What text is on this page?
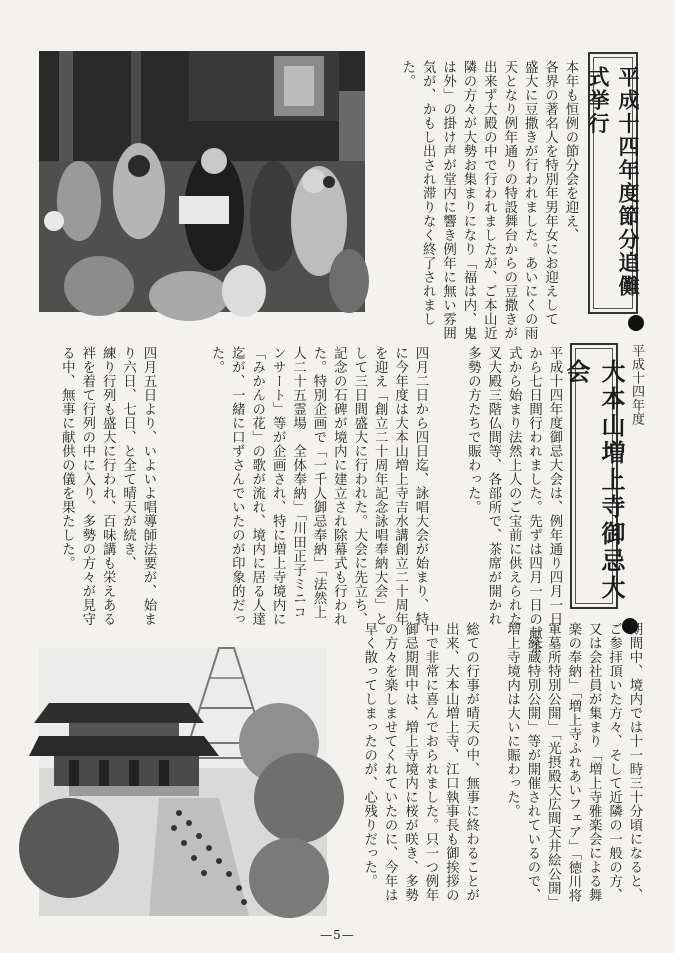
平成十四年度節分追儺式挙行
本年も恒例の節分会を迎え、
各界の著名人を特別年男年女にお迎えして
盛大に豆撒きが行われました。あいにくの雨
天となり例年通りの特設舞台からの豆撒きが
出来ず大殿の中で行われましたが、ご本山近
隣の方々が大勢お集まりになり「福は内、鬼
は外」の掛け声が堂内に響き例年に無い雰囲
気が、かもし出され滞りなく終了されまし
た。
平成十四年度
大本山増上寺御忌大会
平成十四年度御忌大会は、例年通り四月一日
から七日間行われました。先ずは四月一日の献茶
式から始まり法然上人のご宝前に供えられた
叉大殿三階仏間等、各部所で、茶席が開かれ
多勢の方たちで賑わった。
四月二日から四日迄、詠唱大会が始まり、特
に今年度は大本山増上寺吉水講創立二十周年
を迎え「創立二十周年記念詠唱奉納大会」と
して三日間盛大に行われた。大会に先立ち、
記念の石碑が境内に建立され除幕式も行われ
た。特別企画で「一千人御忌奉納」「法然上
人二十五霊場　全体奉納」「川田正子ミニコ
ンサート」等が企画され、特に増上寺境内に
「みかんの花」の歌が流れ、境内に居る人達
迄が、一緒に口ずさんでいたのが印象的だっ
た。
四月五日より、いよいよ唱導師法要が、始ま
り六日、七日、と全て晴天が続き、
練り行列も盛大に行われ、百味講も栄えある
袢を着て行列の中に入り、多勢の方々が見守
る中、無事に献供の儀を果たした。
期間中、境内では十一時三十分頃になると、
ご参拝頂いた方々、そして近隣の一般の方、
又は会社員が集まり「増上寺雅楽会による舞
楽の奉納」「増上寺ふれあいフェア」「徳川将
軍墓所特別公開」「光摂殿大広間天井絵公開」
「経蔵特別公開」等が開催されているので、
増上寺境内は大いに賑わった。

総ての行事が晴天の中、無事に終わることが
出来、大本山増上寺、江口執事長も御挨拶の
中で非常に喜んでおられました。只一つ例年
御忌期間中は、増上寺境内に桜が咲き、多勢
の方々を楽しませてくれていたのに、今年は
早く散ってしまったのが、心残りだった。
—5—
